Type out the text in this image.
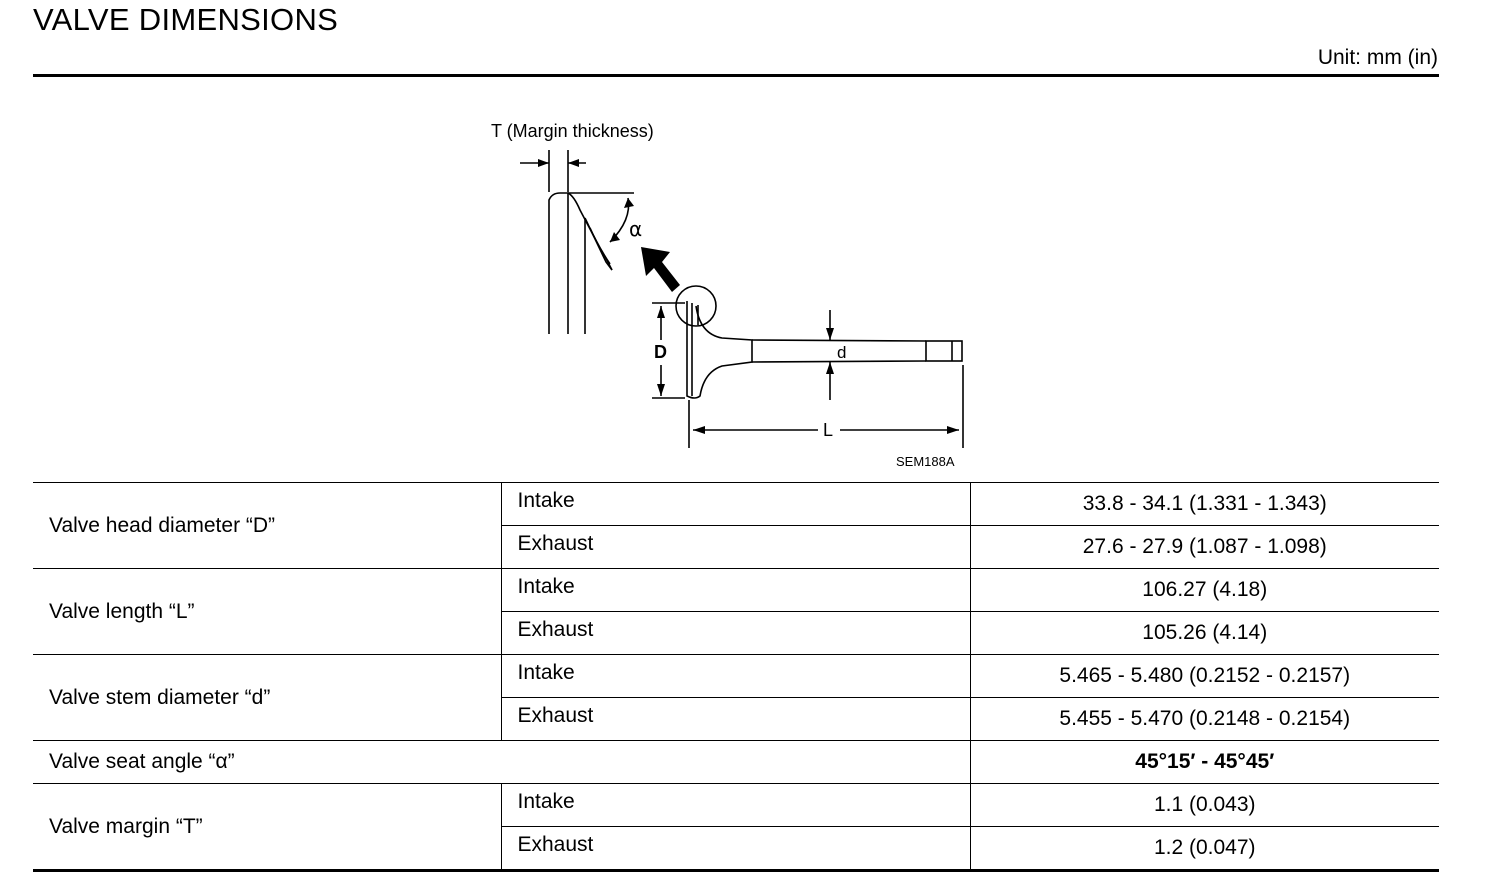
VALVE DIMENSIONS
Unit: mm (in)
T (Margin thickness)
α
D	d
L
SEM188A
Valve head diameter “D”	Intake	33.8 - 34.1 (1.331 - 1.343)

	Exhaust	27.6 - 27.9 (1.087 - 1.098)
Valve length “L”	Intake	106.27 (4.18)

	Exhaust	105.26 (4.14)
Valve stem diameter “d”	Intake	5.465 - 5.480 (0.2152 - 0.2157)

	Exhaust	5.455 - 5.470 (0.2148 - 0.2154)
Valve seat angle “α”		45°15′ - 45°45′
Valve margin “T”	Intake	1.1 (0.043)

	Exhaust	1.2 (0.047)
